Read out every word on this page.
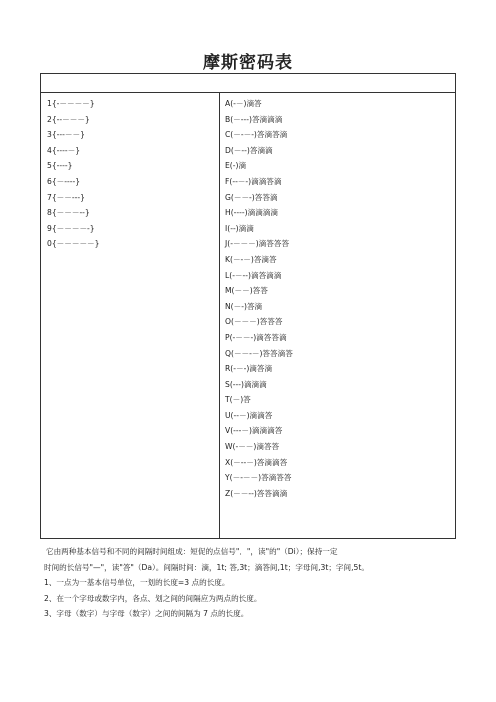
摩斯密码表
1{-－－－－}
2{--－－－}
3{---－－}
4{----－}
5{----}
6{－----}
7{－－---}
8{－－－--}
9{－－－－-}
0{－－－－－}
A(-－)滴答
B(－---)答滴滴滴
C(－-－-)答滴答滴
D(－--)答滴滴
E(-)滴
F(--－-)滴滴答滴
G(－－-)答答滴
H(----)滴滴滴滴
I(--)滴滴
J(-－－－)滴答答答
K(－-－)答滴答
L(-－--)滴答滴滴
M(－－)答答
N(－-)答滴
O(－－－)答答答
P(-－－-)滴答答滴
Q(－－-－)答答滴答
R(-－-)滴答滴
S(---)滴滴滴
T(－)答
U(--－)滴滴答
V(---－)滴滴滴答
W(-－－)滴答答
X(－--－)答滴滴答
Y(－-－－)答滴答答
Z(－－--)答答滴滴

它由两种基本信号和不同的间隔时间组成：短促的点信号"．"，读"的"（Di）；保持一定

时间的长信号"—"，读"答"（Da）。间隔时间：滴，1t; 答,3t；滴答间,1t；字母间,3t；字间,5t。

1、一点为一基本信号单位，一划的长度=3 点的长度。

2、在一个字母或数字内，各点、划之间的间隔应为两点的长度。

3、字母（数字）与字母（数字）之间的间隔为 7 点的长度。
